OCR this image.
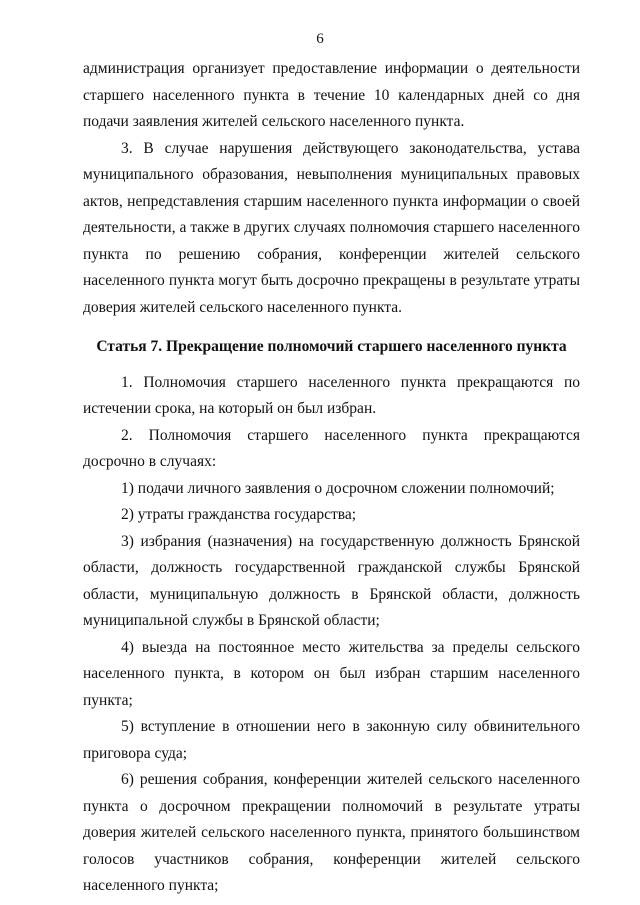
6

администрация организует предоставление информации о деятельности старшего населенного пункта в течение 10 календарных дней со дня подачи заявления жителей сельского населенного пункта.

3. В случае нарушения действующего законодательства, устава муниципального образования, невыполнения муниципальных правовых актов, непредставления старшим населенного пункта информации о своей деятельности, а также в других случаях полномочия старшего населенного пункта по решению собрания, конференции жителей сельского населенного пункта могут быть досрочно прекращены в результате утраты доверия жителей сельского населенного пункта.

Статья 7. Прекращение полномочий старшего населенного пункта

1. Полномочия старшего населенного пункта прекращаются по истечении срока, на который он был избран.

2. Полномочия старшего населенного пункта прекращаются досрочно в случаях:

1) подачи личного заявления о досрочном сложении полномочий;

2) утраты гражданства государства;

3) избрания (назначения) на государственную должность Брянской области, должность государственной гражданской службы Брянской области, муниципальную должность в Брянской области, должность муниципальной службы в Брянской области;

4) выезда на постоянное место жительства за пределы сельского населенного пункта, в котором он был избран старшим населенного пункта;

5) вступление в отношении него в законную силу обвинительного приговора суда;

6) решения собрания, конференции жителей сельского населенного пункта о досрочном прекращении полномочий в результате утраты доверия жителей сельского населенного пункта, принятого большинством голосов участников собрания, конференции жителей сельского населенного пункта;
